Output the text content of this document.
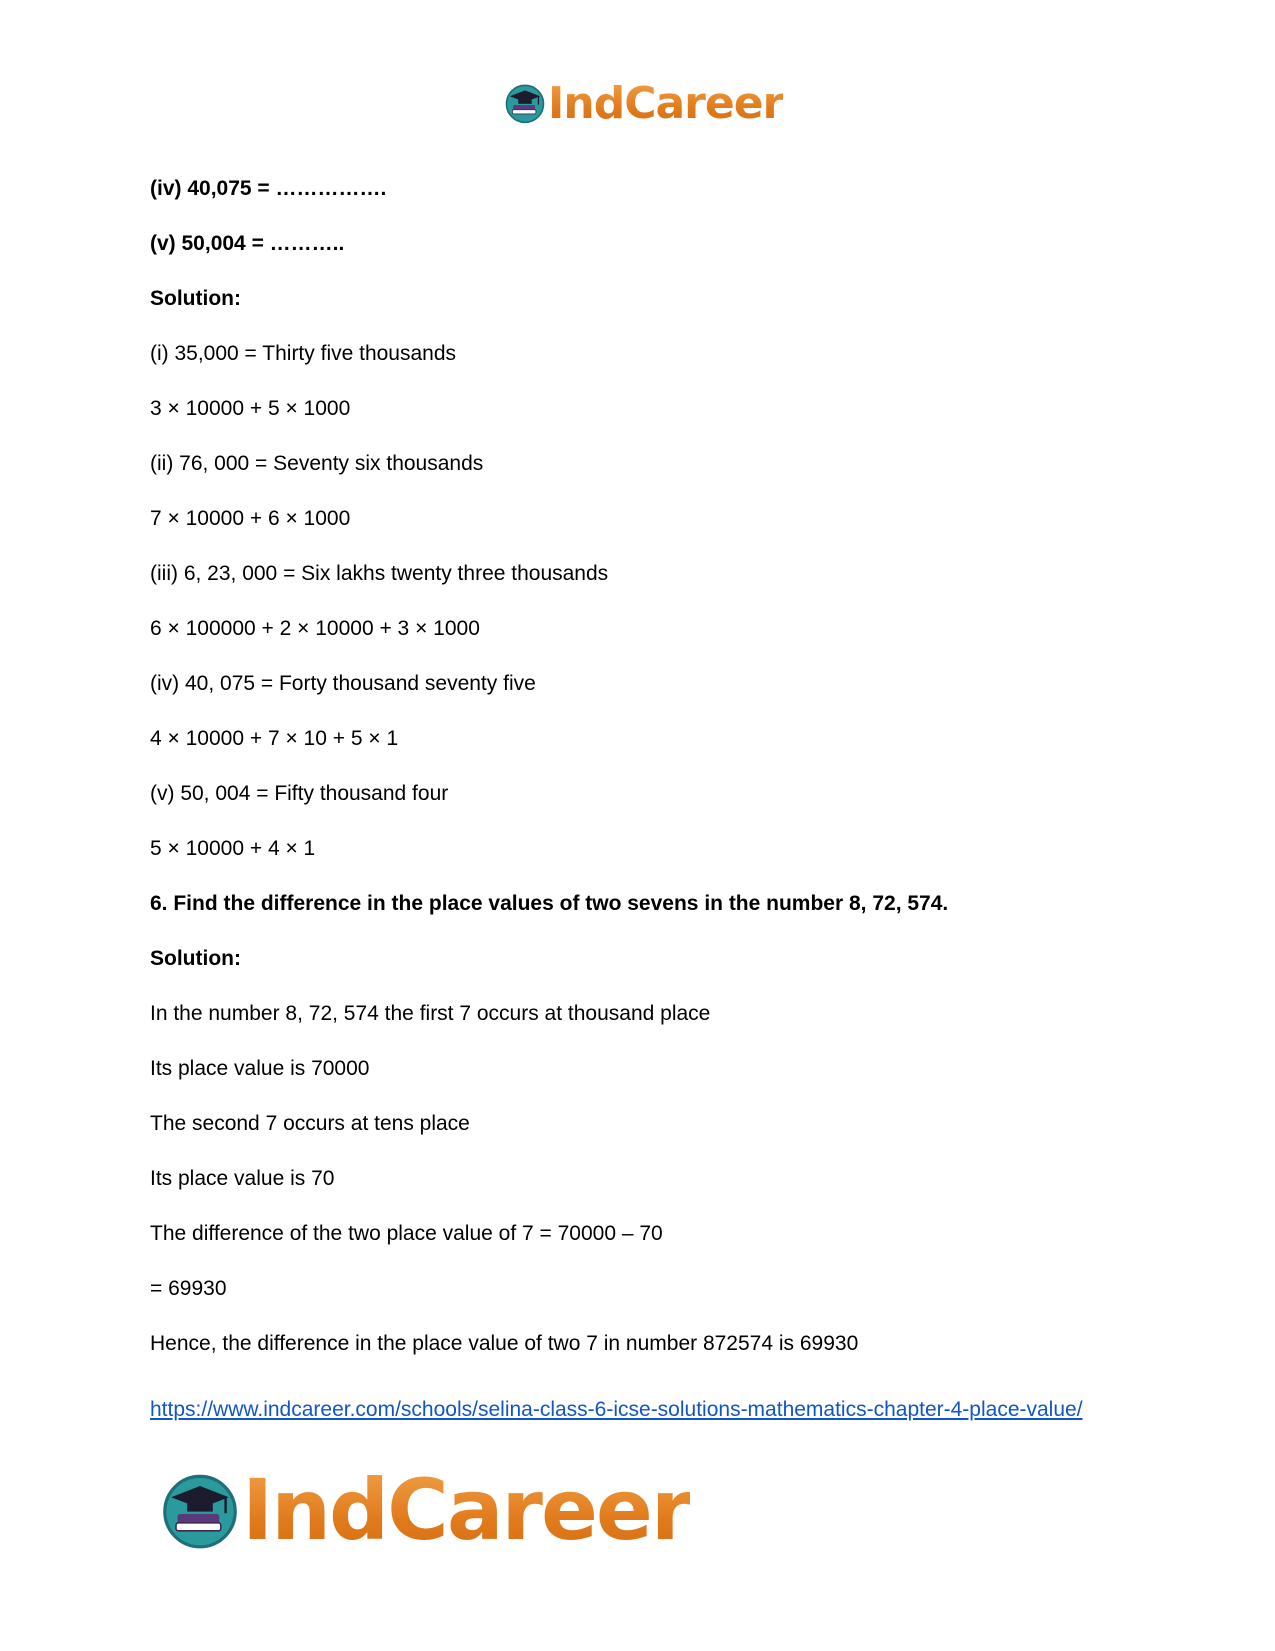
IndCareer
(iv) 40,075 = …………….
(v) 50,004 = ………..
Solution:
(i) 35,000 = Thirty five thousands
3 × 10000 + 5 × 1000
(ii) 76, 000 = Seventy six thousands
7 × 10000 + 6 × 1000
(iii) 6, 23, 000 = Six lakhs twenty three thousands
6 × 100000 + 2 × 10000 + 3 × 1000
(iv) 40, 075 = Forty thousand seventy five
4 × 10000 + 7 × 10 + 5 × 1
(v) 50, 004 = Fifty thousand four
5 × 10000 + 4 × 1
6. Find the difference in the place values of two sevens in the number 8, 72, 574.
Solution:
In the number 8, 72, 574 the first 7 occurs at thousand place
Its place value is 70000
The second 7 occurs at tens place
Its place value is 70
The difference of the two place value of 7 = 70000 – 70
= 69930
Hence, the difference in the place value of two 7 in number 872574 is 69930
https://www.indcareer.com/schools/selina-class-6-icse-solutions-mathematics-chapter-4-place-value/
IndCareer
